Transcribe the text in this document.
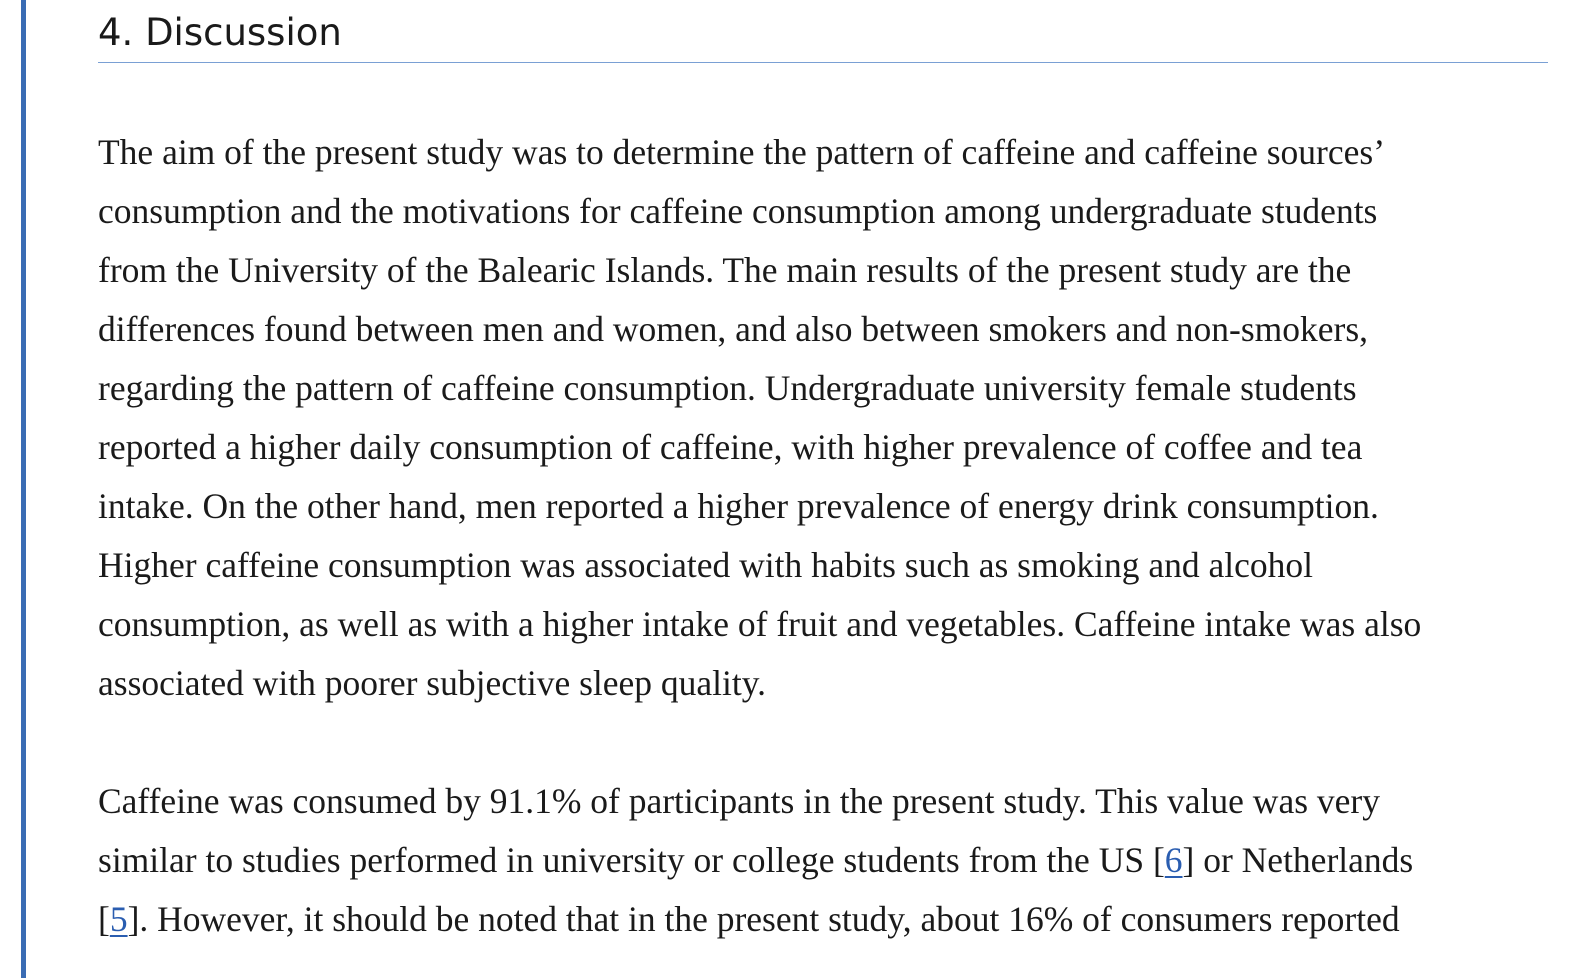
4. Discussion

The aim of the present study was to determine the pattern of caffeine and caffeine sources’
consumption and the motivations for caffeine consumption among undergraduate students
from the University of the Balearic Islands. The main results of the present study are the
differences found between men and women, and also between smokers and non-smokers,
regarding the pattern of caffeine consumption. Undergraduate university female students
reported a higher daily consumption of caffeine, with higher prevalence of coffee and tea
intake. On the other hand, men reported a higher prevalence of energy drink consumption.
Higher caffeine consumption was associated with habits such as smoking and alcohol
consumption, as well as with a higher intake of fruit and vegetables. Caffeine intake was also
associated with poorer subjective sleep quality.

Caffeine was consumed by 91.1% of participants in the present study. This value was very
similar to studies performed in university or college students from the US [6] or Netherlands
[5]. However, it should be noted that in the present study, about 16% of consumers reported
